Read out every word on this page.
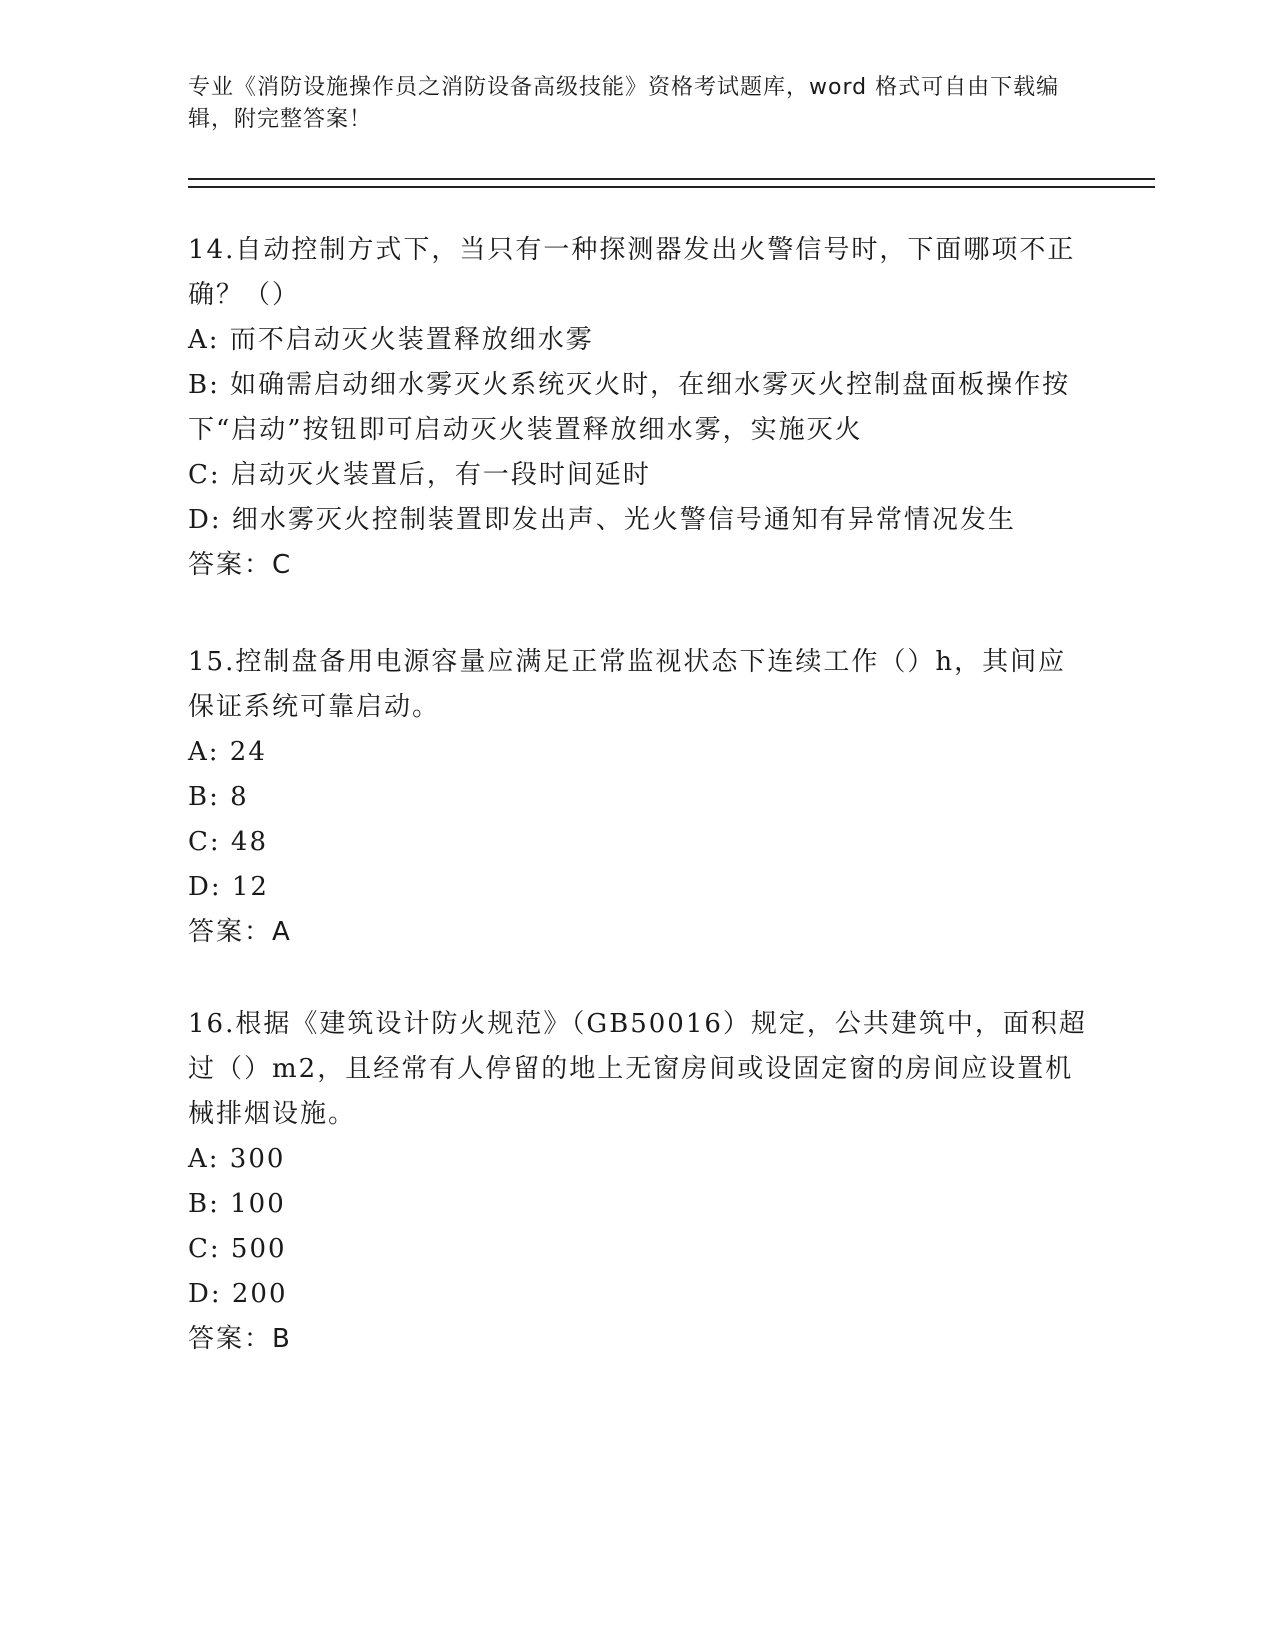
专业《消防设施操作员之消防设备高级技能》资格考试题库，word 格式可自由下载编辑，附完整答案！

14.自动控制方式下，当只有一种探测器发出火警信号时，下面哪项不正确？（）

A: 而不启动灭火装置释放细水雾

B: 如确需启动细水雾灭火系统灭火时，在细水雾灭火控制盘面板操作按下“启动”按钮即可启动灭火装置释放细水雾，实施灭火

C: 启动灭火装置后，有一段时间延时

D: 细水雾灭火控制装置即发出声、光火警信号通知有异常情况发生

答案：C

15.控制盘备用电源容量应满足正常监视状态下连续工作（）h，其间应保证系统可靠启动。

A: 24

B: 8

C: 48

D: 12

答案：A

16.根据《建筑设计防火规范》（GB50016）规定，公共建筑中，面积超过（）m2，且经常有人停留的地上无窗房间或设固定窗的房间应设置机械排烟设施。

A: 300

B: 100

C: 500

D: 200

答案：B
